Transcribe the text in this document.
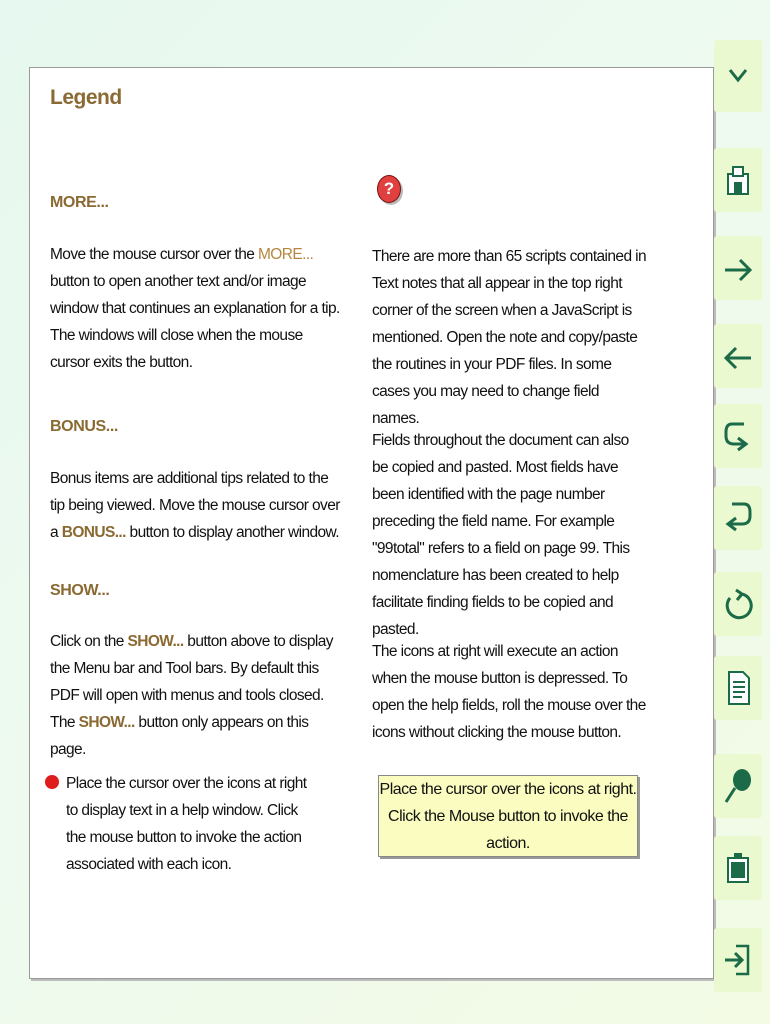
Legend
MORE...

Move the mouse cursor over the MORE... button to open another text and/or image window that continues an explanation for a tip. The windows will close when the mouse cursor exits the button.

BONUS...

Bonus items are additional tips related to the tip being viewed. Move the mouse cursor over a BONUS... button to display another window.

SHOW...

Click on the SHOW... button above to display the Menu bar and Tool bars. By default this PDF will open with menus and tools closed. The SHOW... button only appears on this page.

Place the cursor over the icons at right to display text in a help window. Click the mouse button to invoke the action associated with each icon.

?

There are more than 65 scripts contained in Text notes that all appear in the top right corner of the screen when a JavaScript is mentioned. Open the note and copy/paste the routines in your PDF files. In some cases you may need to change field names.

Fields throughout the document can also be copied and pasted. Most fields have been identified with the page number preceding the field name. For example "99total" refers to a field on page 99. This nomenclature has been created to help facilitate finding fields to be copied and pasted.

The icons at right will execute an action when the mouse button is depressed. To open the help fields, roll the mouse over the icons without clicking the mouse button.

Place the cursor over the icons at right.
Click the Mouse button to invoke the action.
